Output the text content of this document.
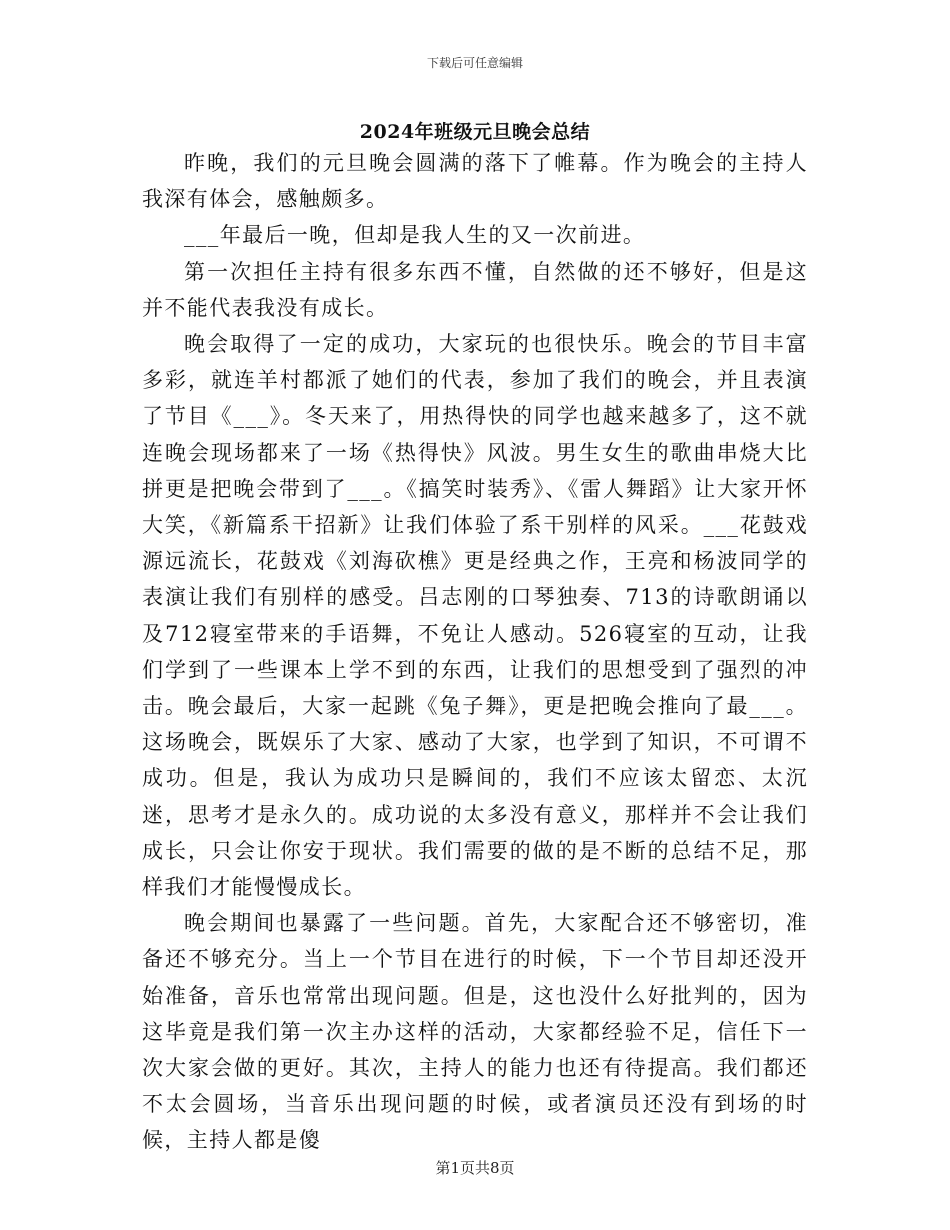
下载后可任意编辑
2024年班级元旦晚会总结

昨晚，我们的元旦晚会圆满的落下了帷幕。作为晚会的主持人我深有体会，感触颇多。

___年最后一晚，但却是我人生的又一次前进。

第一次担任主持有很多东西不懂，自然做的还不够好，但是这并不能代表我没有成长。

晚会取得了一定的成功，大家玩的也很快乐。晚会的节目丰富多彩，就连羊村都派了她们的代表，参加了我们的晚会，并且表演了节目《___》。冬天来了，用热得快的同学也越来越多了，这不就连晚会现场都来了一场《热得快》风波。男生女生的歌曲串烧大比拼更是把晚会带到了___。《搞笑时装秀》、《雷人舞蹈》让大家开怀大笑，《新篇系干招新》让我们体验了系干别样的风采。___花鼓戏源远流长，花鼓戏《刘海砍樵》更是经典之作，王亮和杨波同学的表演让我们有别样的感受。吕志刚的口琴独奏、713的诗歌朗诵以及712寝室带来的手语舞，不免让人感动。526寝室的互动，让我们学到了一些课本上学不到的东西，让我们的思想受到了强烈的冲击。晚会最后，大家一起跳《兔子舞》，更是把晚会推向了最___。这场晚会，既娱乐了大家、感动了大家，也学到了知识，不可谓不成功。但是，我认为成功只是瞬间的，我们不应该太留恋、太沉迷，思考才是永久的。成功说的太多没有意义，那样并不会让我们成长，只会让你安于现状。我们需要的做的是不断的总结不足，那样我们才能慢慢成长。

晚会期间也暴露了一些问题。首先，大家配合还不够密切，准备还不够充分。当上一个节目在进行的时候，下一个节目却还没开始准备，音乐也常常出现问题。但是，这也没什么好批判的，因为这毕竟是我们第一次主办这样的活动，大家都经验不足，信任下一次大家会做的更好。其次，主持人的能力也还有待提高。我们都还不太会圆场，当音乐出现问题的时候，或者演员还没有到场的时候，主持人都是傻

第1页共8页
